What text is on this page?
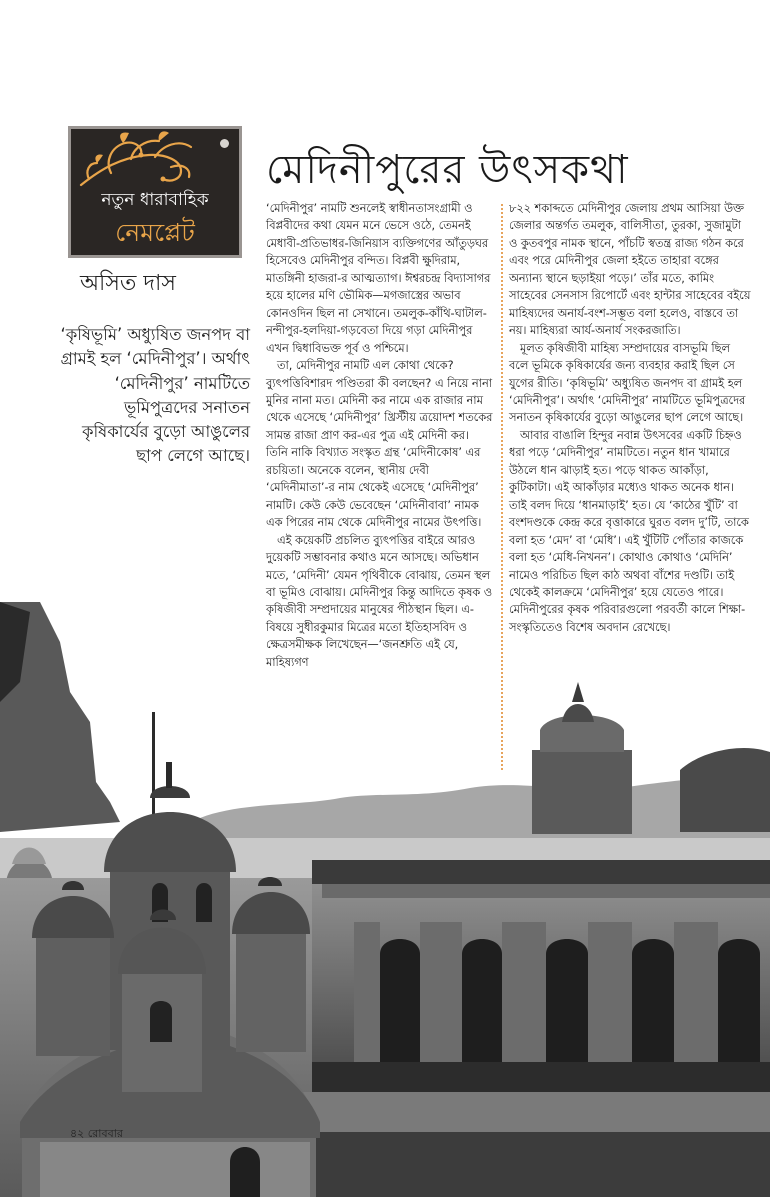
নতুন ধারাবাহিক
নেমপ্লেট
অসিত দাস
মেদিনীপুরের উৎসকথা
‘কৃষিভূমি’ অধ্যুষিত জনপদ বা গ্রামই হল ‘মেদিনীপুর’। অর্থাৎ ‘মেদিনীপুর’ নামটিতে ভূমিপুত্রদের সনাতন কৃষিকার্যের বুড়ো আঙুলের ছাপ লেগে আছে।

‘মেদিনীপুর’ নামটি শুনলেই স্বাধীনতাসংগ্রামী ও বিপ্লবীদের কথা যেমন মনে ভেসে ওঠে, তেমনই মেধাবী-প্রতিভাধর-জিনিয়াস ব্যক্তিগণের আঁতুড়ঘর হিসেবেও মেদিনীপুর বন্দিত। বিপ্লবী ক্ষুদিরাম, মাতঙ্গিনী হাজরা-র আত্মত্যাগ। ঈশ্বরচন্দ্র বিদ্যাসাগর হয়ে হালের মণি ভৌমিক—মগজাস্ত্রের অভাব কোনওদিন ছিল না সেখানে। তমলুক-কাঁথি-ঘাটাল-নন্দীপুর-হলদিয়া-গড়বেতা দিয়ে গড়া মেদিনীপুর এখন দ্বিধাবিভক্ত পূর্ব ও পশ্চিমে।

তা, মেদিনীপুর নামটি এল কোথা থেকে? ব্যুৎপত্তিবিশারদ পণ্ডিতরা কী বলছেন? এ নিয়ে নানা মুনির নানা মত। মেদিনী কর নামে এক রাজার নাম থেকে এসেছে ‘মেদিনীপুর’ খ্রিস্টীয় ত্রয়োদশ শতকের সামন্ত রাজা প্রাণ কর-এর পুত্র এই মেদিনী কর। তিনি নাকি বিখ্যাত সংস্কৃত গ্রন্থ ‘মেদিনীকোষ’ এর রচয়িতা। অনেকে বলেন, স্থানীয় দেবী ‘মেদিনীমাতা’-র নাম থেকেই এসেছে ‘মেদিনীপুর’ নামটি। কেউ কেউ ভেবেছেন ‘মেদিনীবাবা’ নামক এক পিরের নাম থেকে মেদিনীপুর নামের উৎপত্তি।

এই কয়েকটি প্রচলিত ব্যুৎপত্তির বাইরে আরও দুয়েকটি সম্ভাবনার কথাও মনে আসছে। অভিধান মতে, ‘মেদিনী’ যেমন পৃথিবীকে বোঝায়, তেমন স্থল বা ভূমিও বোঝায়। মেদিনীপুর কিন্তু আদিতে কৃষক ও কৃষিজীবী সম্প্রদায়ের মানুষের পীঠস্থান ছিল। এ-বিষয়ে সুধীরকুমার মিত্রের মতো ইতিহাসবিদ ও ক্ষেত্রসমীক্ষক লিখেছেন—‘জনশ্রুতি এই যে, মাহিষ্যগণ

৮২২ শকাব্দতে মেদিনীপুর জেলায় প্রথম আসিয়া উক্ত জেলার অন্তর্গত তমলুক, বালিসীতা, তুরকা, সুজামুটা ও কুতবপুর নামক স্থানে, পাঁচটি স্বতন্ত্র রাজ্য গঠন করে এবং পরে মেদিনীপুর জেলা হইতে তাহারা বঙ্গের অন্যান্য স্থানে ছড়াইয়া পড়ে।’ তাঁর মতে, কামিং সাহেবের সেনসাস রিপোর্টে এবং হান্টার সাহেবের বইয়ে মাহিষ্যদের অনার্য-বংশ-সম্ভূত বলা হলেও, বাস্তবে তা নয়। মাহিষ্যরা আর্য-অনার্য সংকরজাতি।

মূলত কৃষিজীবী মাহিষ্য সম্প্রদায়ের বাসভূমি ছিল বলে ভূমিকে কৃষিকার্যের জন্য ব্যবহার করাই ছিল সে যুগের রীতি। ‘কৃষিভূমি’ অধ্যুষিত জনপদ বা গ্রামই হল ‘মেদিনীপুর’। অর্থাৎ ‘মেদিনীপুর’ নামটিতে ভূমিপুত্রদের সনাতন কৃষিকার্যের বুড়ো আঙুলের ছাপ লেগে আছে।

আবার বাঙালি হিন্দুর নবান্ন উৎসবের একটি চিহ্নও ধরা পড়ে ‘মেদিনীপুর’ নামটিতে। নতুন ধান খামারে উঠলে ধান ঝাড়াই হত। পড়ে থাকত আকাঁড়া, কুটিকাটা। এই আকাঁড়ার মধ্যেও থাকত অনেক ধান। তাই বলদ দিয়ে ‘ধানমাড়াই’ হত। যে ‘কাঠের খুঁটি’ বা বংশদণ্ডকে কেন্দ্র করে বৃত্তাকারে ঘুরত বলদ দু’টি, তাকে বলা হত ‘মেদ’ বা ‘মেধি’। এই খুঁটিটি পোঁতার কাজকে বলা হত ‘মেধি-নিখনন’। কোথাও কোথাও ‘মেদিনি’ নামেও পরিচিত ছিল কাঠ অথবা বাঁশের দণ্ডটি। তাই থেকেই কালক্রমে ‘মেদিনীপুর’ হয়ে যেতেও পারে। মেদিনীপুরের কৃষক পরিবারগুলো পরবর্তী কালে শিক্ষা-সংস্কৃতিতেও বিশেষ অবদান রেখেছে।

৪২ রোববার
